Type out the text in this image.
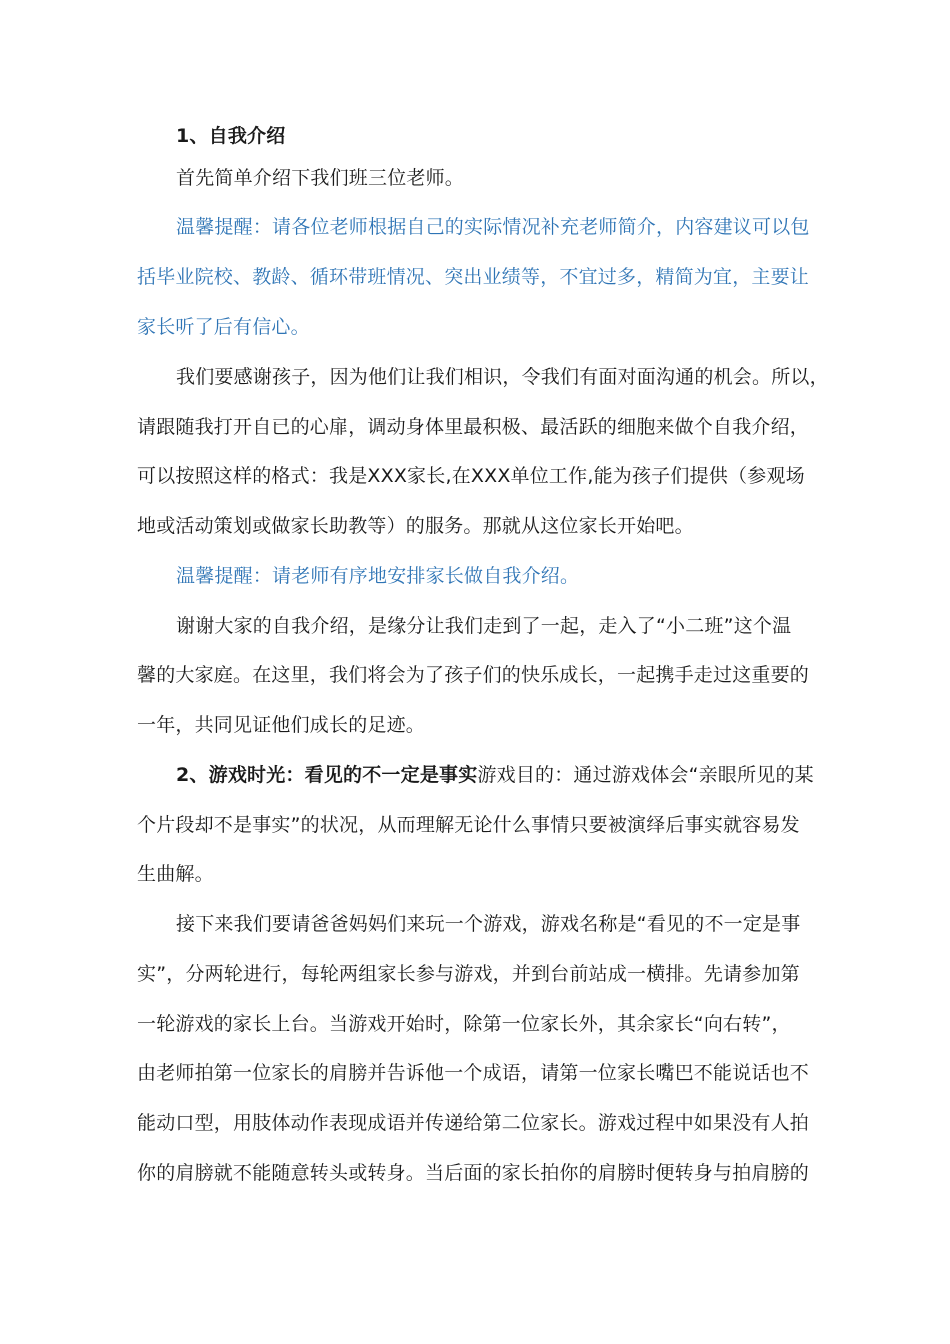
1、自我介绍
首先简单介绍下我们班三位老师。
温馨提醒：请各位老师根据自己的实际情况补充老师简介，内容建议可以包
括毕业院校、教龄、循环带班情况、突出业绩等，不宜过多，精简为宜，主要让
家长听了后有信心。
我们要感谢孩子，因为他们让我们相识，令我们有面对面沟通的机会。所以，
请跟随我打开自已的心扉，调动身体里最积极、最活跃的细胞来做个自我介绍，
可以按照这样的格式：我是XXX家长,在XXX单位工作,能为孩子们提供（参观场
地或活动策划或做家长助教等）的服务。那就从这位家长开始吧。
温馨提醒：请老师有序地安排家长做自我介绍。
谢谢大家的自我介绍，是缘分让我们走到了一起，走入了“小二班”这个温
馨的大家庭。在这里，我们将会为了孩子们的快乐成长，一起携手走过这重要的
一年，共同见证他们成长的足迹。
2、游戏时光：看见的不一定是事实游戏目的：通过游戏体会“亲眼所见的某
个片段却不是事实”的状况，从而理解无论什么事情只要被演绎后事实就容易发
生曲解。
接下来我们要请爸爸妈妈们来玩一个游戏，游戏名称是“看见的不一定是事
实”，分两轮进行，每轮两组家长参与游戏，并到台前站成一横排。先请参加第
一轮游戏的家长上台。当游戏开始时，除第一位家长外，其余家长“向右转”，
由老师拍第一位家长的肩膀并告诉他一个成语，请第一位家长嘴巴不能说话也不
能动口型，用肢体动作表现成语并传递给第二位家长。游戏过程中如果没有人拍
你的肩膀就不能随意转头或转身。当后面的家长拍你的肩膀时便转身与拍肩膀的
